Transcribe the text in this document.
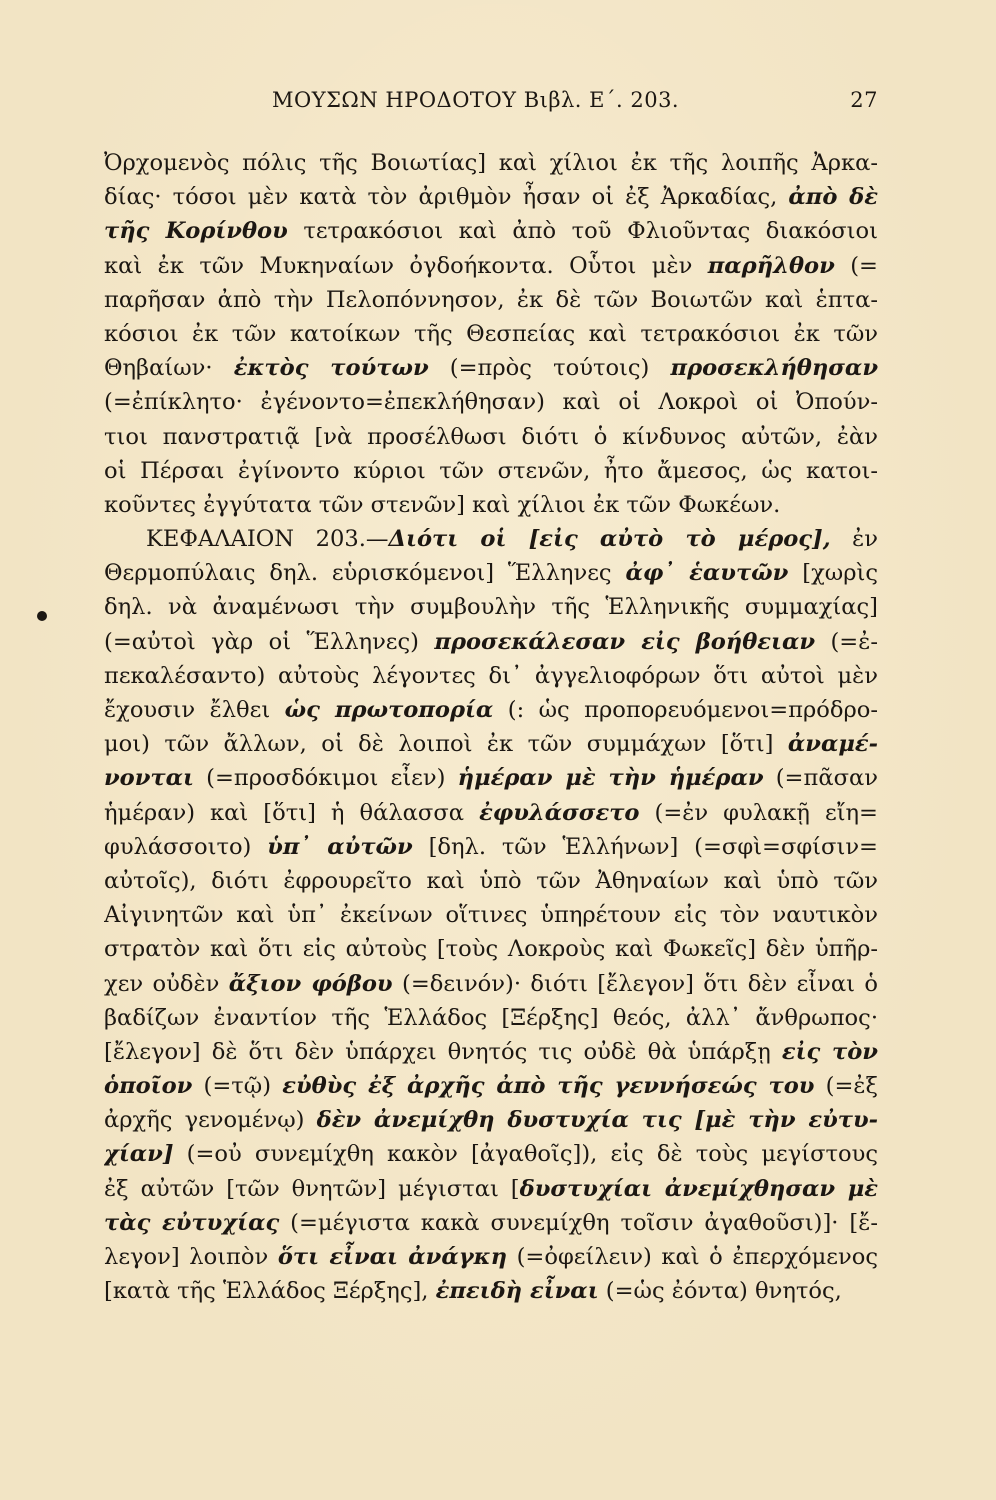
ΜΟΥΣΩΝ ΗΡΟΔΟΤΟΥ Βιβλ. Ε΄. 203.	27
Ὀρχομενὸς πόλις τῆς Βοιωτίας] καὶ χίλιοι ἐκ τῆς λοιπῆς Ἀρκα-
δίας· τόσοι μὲν κατὰ τὸν ἀριθμὸν ἦσαν οἱ ἐξ Ἀρκαδίας, ἀπὸ δὲ
τῆς Κορίνθου τετρακόσιοι καὶ ἀπὸ τοῦ Φλιοῦντας διακόσιοι
καὶ ἐκ τῶν Μυκηναίων ὀγδοήκοντα. Οὗτοι μὲν παρῆλθον (=
παρῆσαν ἀπὸ τὴν Πελοπόννησον, ἐκ δὲ τῶν Βοιωτῶν καὶ ἑπτα-
κόσιοι ἐκ τῶν κατοίκων τῆς Θεσπείας καὶ τετρακόσιοι ἐκ τῶν
Θηβαίων· ἐκτὸς τούτων (=πρὸς τούτοις) προσεκλήθησαν
(=ἐπίκλητο· ἐγένοντο=ἐπεκλήθησαν) καὶ οἱ Λοκροὶ οἱ Ὀπούν-
τιοι πανστρατιᾷ [νὰ προσέλθωσι διότι ὁ κίνδυνος αὐτῶν, ἐὰν
οἱ Πέρσαι ἐγίνοντο κύριοι τῶν στενῶν, ἦτο ἄμεσος, ὡς κατοι-
κοῦντες ἐγγύτατα τῶν στενῶν] καὶ χίλιοι ἐκ τῶν Φωκέων.
ΚΕΦΑΛΑΙΟΝ 203.—Διότι οἱ [εἰς αὐτὸ τὸ μέρος], ἐν
Θερμοπύλαις δηλ. εὑρισκόμενοι] Ἕλληνες ἀφ᾽ ἑαυτῶν [χωρὶς
δηλ. νὰ ἀναμένωσι τὴν συμβουλὴν τῆς Ἑλληνικῆς συμμαχίας]
(=αὐτοὶ γὰρ οἱ Ἕλληνες) προσεκάλεσαν εἰς βοήθειαν (=ἐ-
πεκαλέσαντο) αὐτοὺς λέγοντες δι᾽ ἀγγελιοφόρων ὅτι αὐτοὶ μὲν
ἔχουσιν ἔλθει ὡς πρωτοπορία (: ὡς προπορευόμενοι=πρόδρο-
μοι) τῶν ἄλλων, οἱ δὲ λοιποὶ ἐκ τῶν συμμάχων [ὅτι] ἀναμέ-
νονται (=προσδόκιμοι εἶεν) ἡμέραν μὲ τὴν ἡμέραν (=πᾶσαν
ἡμέραν) καὶ [ὅτι] ἡ θάλασσα ἐφυλάσσετο (=ἐν φυλακῇ εἴη=
φυλάσσοιτο) ὑπ᾽ αὐτῶν [δηλ. τῶν Ἑλλήνων] (=σφὶ=σφίσιν=
αὐτοῖς), διότι ἐφρουρεῖτο καὶ ὑπὸ τῶν Ἀθηναίων καὶ ὑπὸ τῶν
Αἰγινητῶν καὶ ὑπ᾽ ἐκείνων οἵτινες ὑπηρέτουν εἰς τὸν ναυτικὸν
στρατὸν καὶ ὅτι εἰς αὐτοὺς [τοὺς Λοκροὺς καὶ Φωκεῖς] δὲν ὑπῆρ-
χεν οὐδὲν ἄξιον φόβου (=δεινόν)· διότι [ἔλεγον] ὅτι δὲν εἶναι ὁ
βαδίζων ἐναντίον τῆς Ἑλλάδος [Ξέρξης] θεός, ἀλλ᾽ ἄνθρωπος·
[ἔλεγον] δὲ ὅτι δὲν ὑπάρχει θνητός τις οὐδὲ θὰ ὑπάρξῃ εἰς τὸν
ὁποῖον (=τῷ) εὐθὺς ἐξ ἀρχῆς ἀπὸ τῆς γεννήσεώς του (=ἐξ
ἀρχῆς γενομένῳ) δὲν ἀνεμίχθη δυστυχία τις [μὲ τὴν εὐτυ-
χίαν] (=οὐ συνεμίχθη κακὸν [ἀγαθοῖς]), εἰς δὲ τοὺς μεγίστους
ἐξ αὐτῶν [τῶν θνητῶν] μέγισται [δυστυχίαι ἀνεμίχθησαν μὲ
τὰς εὐτυχίας (=μέγιστα κακὰ συνεμίχθη τοῖσιν ἀγαθοῦσι)]· [ἔ-
λεγον] λοιπὸν ὅτι εἶναι ἀνάγκη (=ὀφείλειν) καὶ ὁ ἐπερχόμενος
[κατὰ τῆς Ἑλλάδος Ξέρξης], ἐπειδὴ εἶναι (=ὡς ἐόντα) θνητός,
